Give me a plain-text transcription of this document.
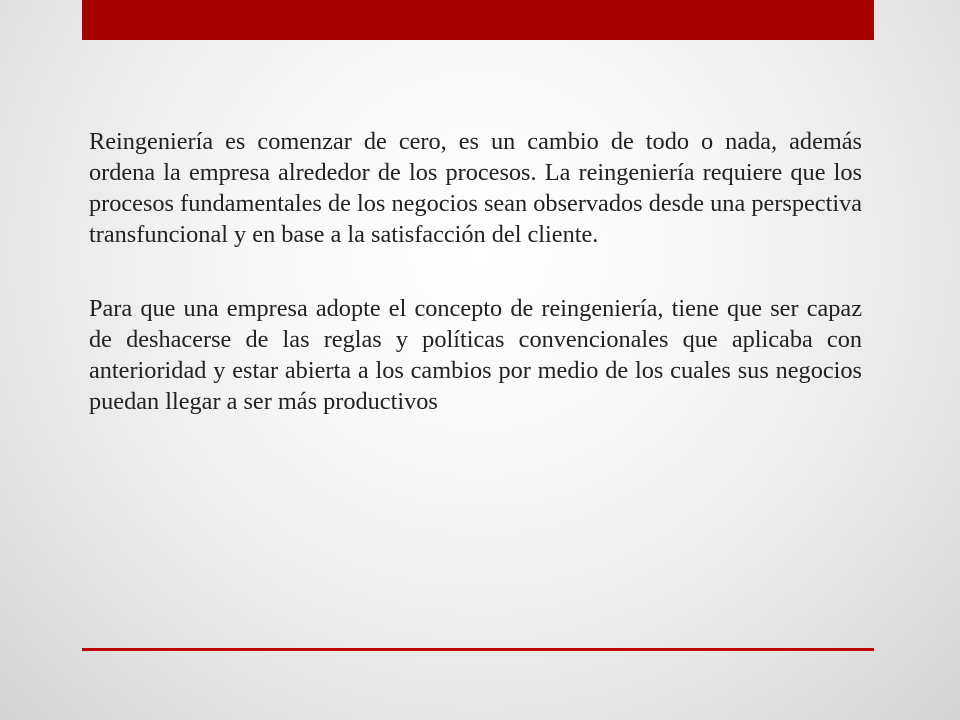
Reingeniería es comenzar de cero, es un cambio de todo o nada, además ordena la empresa alrededor de los procesos. La reingeniería requiere que los procesos fundamentales de los negocios sean observados desde una perspectiva transfuncional y en base a la satisfacción del cliente.

Para que una empresa adopte el concepto de reingeniería, tiene que ser capaz de deshacerse de las reglas y políticas convencionales que aplicaba con anterioridad y estar abierta a los cambios por medio de los cuales sus negocios puedan llegar a ser más productivos
